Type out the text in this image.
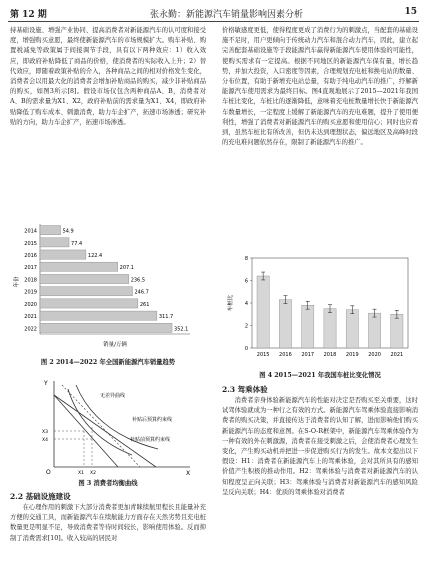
第 12 期	张永勤：新能源汽车销量影响因素分析	15

持基础设施、增强产业协同、提高消费者对新能源汽车的认可度和接受度，增强购买意愿，最终使新能源汽车的市场规模扩大。购车补贴、购置税减免等政策属于间接调节手段，具有以下两种效应：1）收入效应，即政府补贴降低了商品的价格，使消费者的实际收入上升；2）替代效应，即随着政策补贴的介入，各种商品之间的相对价格发生变化，消费者会以用最大化的消费者会增加补贴商品的购买，减少非补贴商品的购买，如图3所示[8]。假设市场仅包含两种商品A、B，消费者对A、B的需求量为X1、X2，政府补贴前的需求量为X1、X4，即政府补贴降低了购车成本、刺激消费，助力车企扩产，拓速市场渗透；研究补贴的方向，助力车企扩产，拓速市场渗透。

2014	54.9
2015	77.4
2016	122.4
2017	207.1
2018	236.5
2019	246.7
2020	261
2021	311.7
2022	352.1
年份
销量/万辆
图 2 2014—2022 年全国新能源汽车销量趋势
Y
X
O	X1 X2
X3
X4
无差异曲线
补贴后预算约束线
补贴前预算约束线
图 3 消费者均衡曲线
2.2 基础设施建设

在心理作用的刺激下大部分消费者更加青睐续航里程长且能量补充方便的交通工具，而新能源汽车在续航能力方面存在天然劣势且充电桩数量更是明显不足，导致消费者等待时间较长，影响使用体验。反而抑制了消费需求[10]。收入较高的居民对

价格敏感度更低，使得程度更成了消费行为的刺激点，当配套的基础设施不足时，用户更倾向于传统动力汽车和混合动力汽车，因此，建立起完善配套基础设施等于段能源汽车赢得新能源汽车使用体验的可能性，使购买需求有一定提高。根据不同地区的新能源汽车保有量，增长趋势，并加大投资，入口密度等因素，合理规划充电桩和换电站的数量、分布位置，有助于新增充电站总量，有助于纯电动汽车的推广，纾解新能源汽车使用需求为最终目标。图4直观地展示了2015—2021年我国车桩比变化，车桩比的逐渐降低，意味着充电桩数量增长快于新能源汽车数量增长，一定程度上缓解了新能源汽车的充电难题，提升了使用便利性，增强了消费者对新能源汽车的购买意愿和使用信心；同时也应看到，虽然车桩比有所改善，但仍未达到理想状态，偏远地区及高峰时段的充电难问题依然存在，限制了新能源汽车的推广。

0
2
4
6
8
2015 2016 2017 2018 2019 2020 2021
车桩比
图 4 2015—2021 年我国车桩比变化情况
2.3 驾乘体验

消费者亲身体验新能源汽车的性能对决定是否购买至关重要，这时试驾体验就成为一种行之有效的方式。新能源汽车驾乘体验直接影响消费者的购买决策，并直接传达于消费者的认知了解，进而影响他们购买新能源汽车的态度和意图。在S-O-R框架中，新能源汽车驾乘体验作为一种有效的外在刺激源，消费者在接受刺激之后，会使消费者心理发生变化，产生购买动机并把进一步促进购买行为的发生。故本文提出以下假设：H1：消费者在新能源汽车上的驾乘体验，会对其所具有的感知价值产生积极的推动作用。H2：驾乘体验与消费者对新能源汽车的认知程度呈正向关联；H3：驾乘体验与消费者对新能源汽车的感知风险呈反向关联；H4：优质的驾乘体验对消费者
